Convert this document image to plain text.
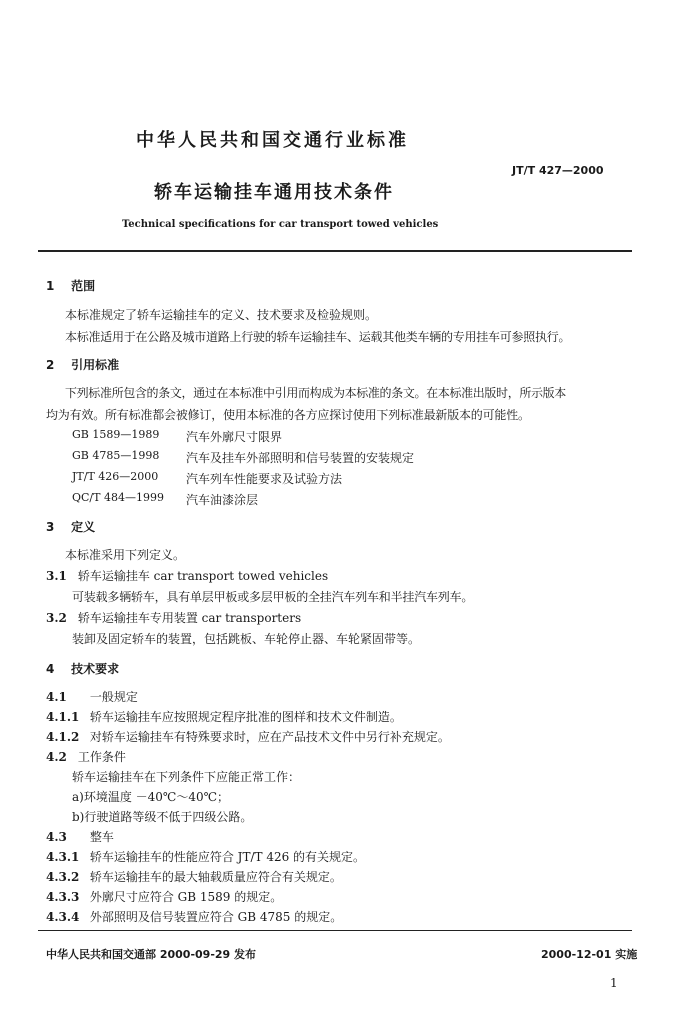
中华人民共和国交通行业标准
JT/T 427—2000
轿车运输挂车通用技术条件
Technical specifications for car transport towed vehicles
1 范围
本标准规定了轿车运输挂车的定义、技术要求及检验规则。
本标准适用于在公路及城市道路上行驶的轿车运输挂车、运载其他类车辆的专用挂车可参照执行。
2 引用标准
下列标准所包含的条文，通过在本标准中引用而构成为本标准的条文。在本标准出版时，所示版本
均为有效。所有标准都会被修订，使用本标准的各方应探讨使用下列标准最新版本的可能性。
GB 1589—1989 汽车外廓尺寸限界
GB 4785—1998 汽车及挂车外部照明和信号装置的安装规定
JT/T 426—2000 汽车列车性能要求及试验方法
QC/T 484—1999 汽车油漆涂层
3 定义
本标准采用下列定义。
3.1 轿车运输挂车 car transport towed vehicles
可装载多辆轿车，具有单层甲板或多层甲板的全挂汽车列车和半挂汽车列车。
3.2 轿车运输挂车专用装置 car transporters
装卸及固定轿车的装置，包括跳板、车轮停止器、车轮紧固带等。
4 技术要求
4.1 一般规定
4.1.1 轿车运输挂车应按照规定程序批准的图样和技术文件制造。
4.1.2 对轿车运输挂车有特殊要求时，应在产品技术文件中另行补充规定。
4.2 工作条件
轿车运输挂车在下列条件下应能正常工作：
a)环境温度 －40℃～40℃；
b)行驶道路等级不低于四级公路。
4.3 整车
4.3.1 轿车运输挂车的性能应符合 JT/T 426 的有关规定。
4.3.2 轿车运输挂车的最大轴载质量应符合有关规定。
4.3.3 外廓尺寸应符合 GB 1589 的规定。
4.3.4 外部照明及信号装置应符合 GB 4785 的规定。
中华人民共和国交通部 2000-09-29 发布	2000-12-01 实施
1
